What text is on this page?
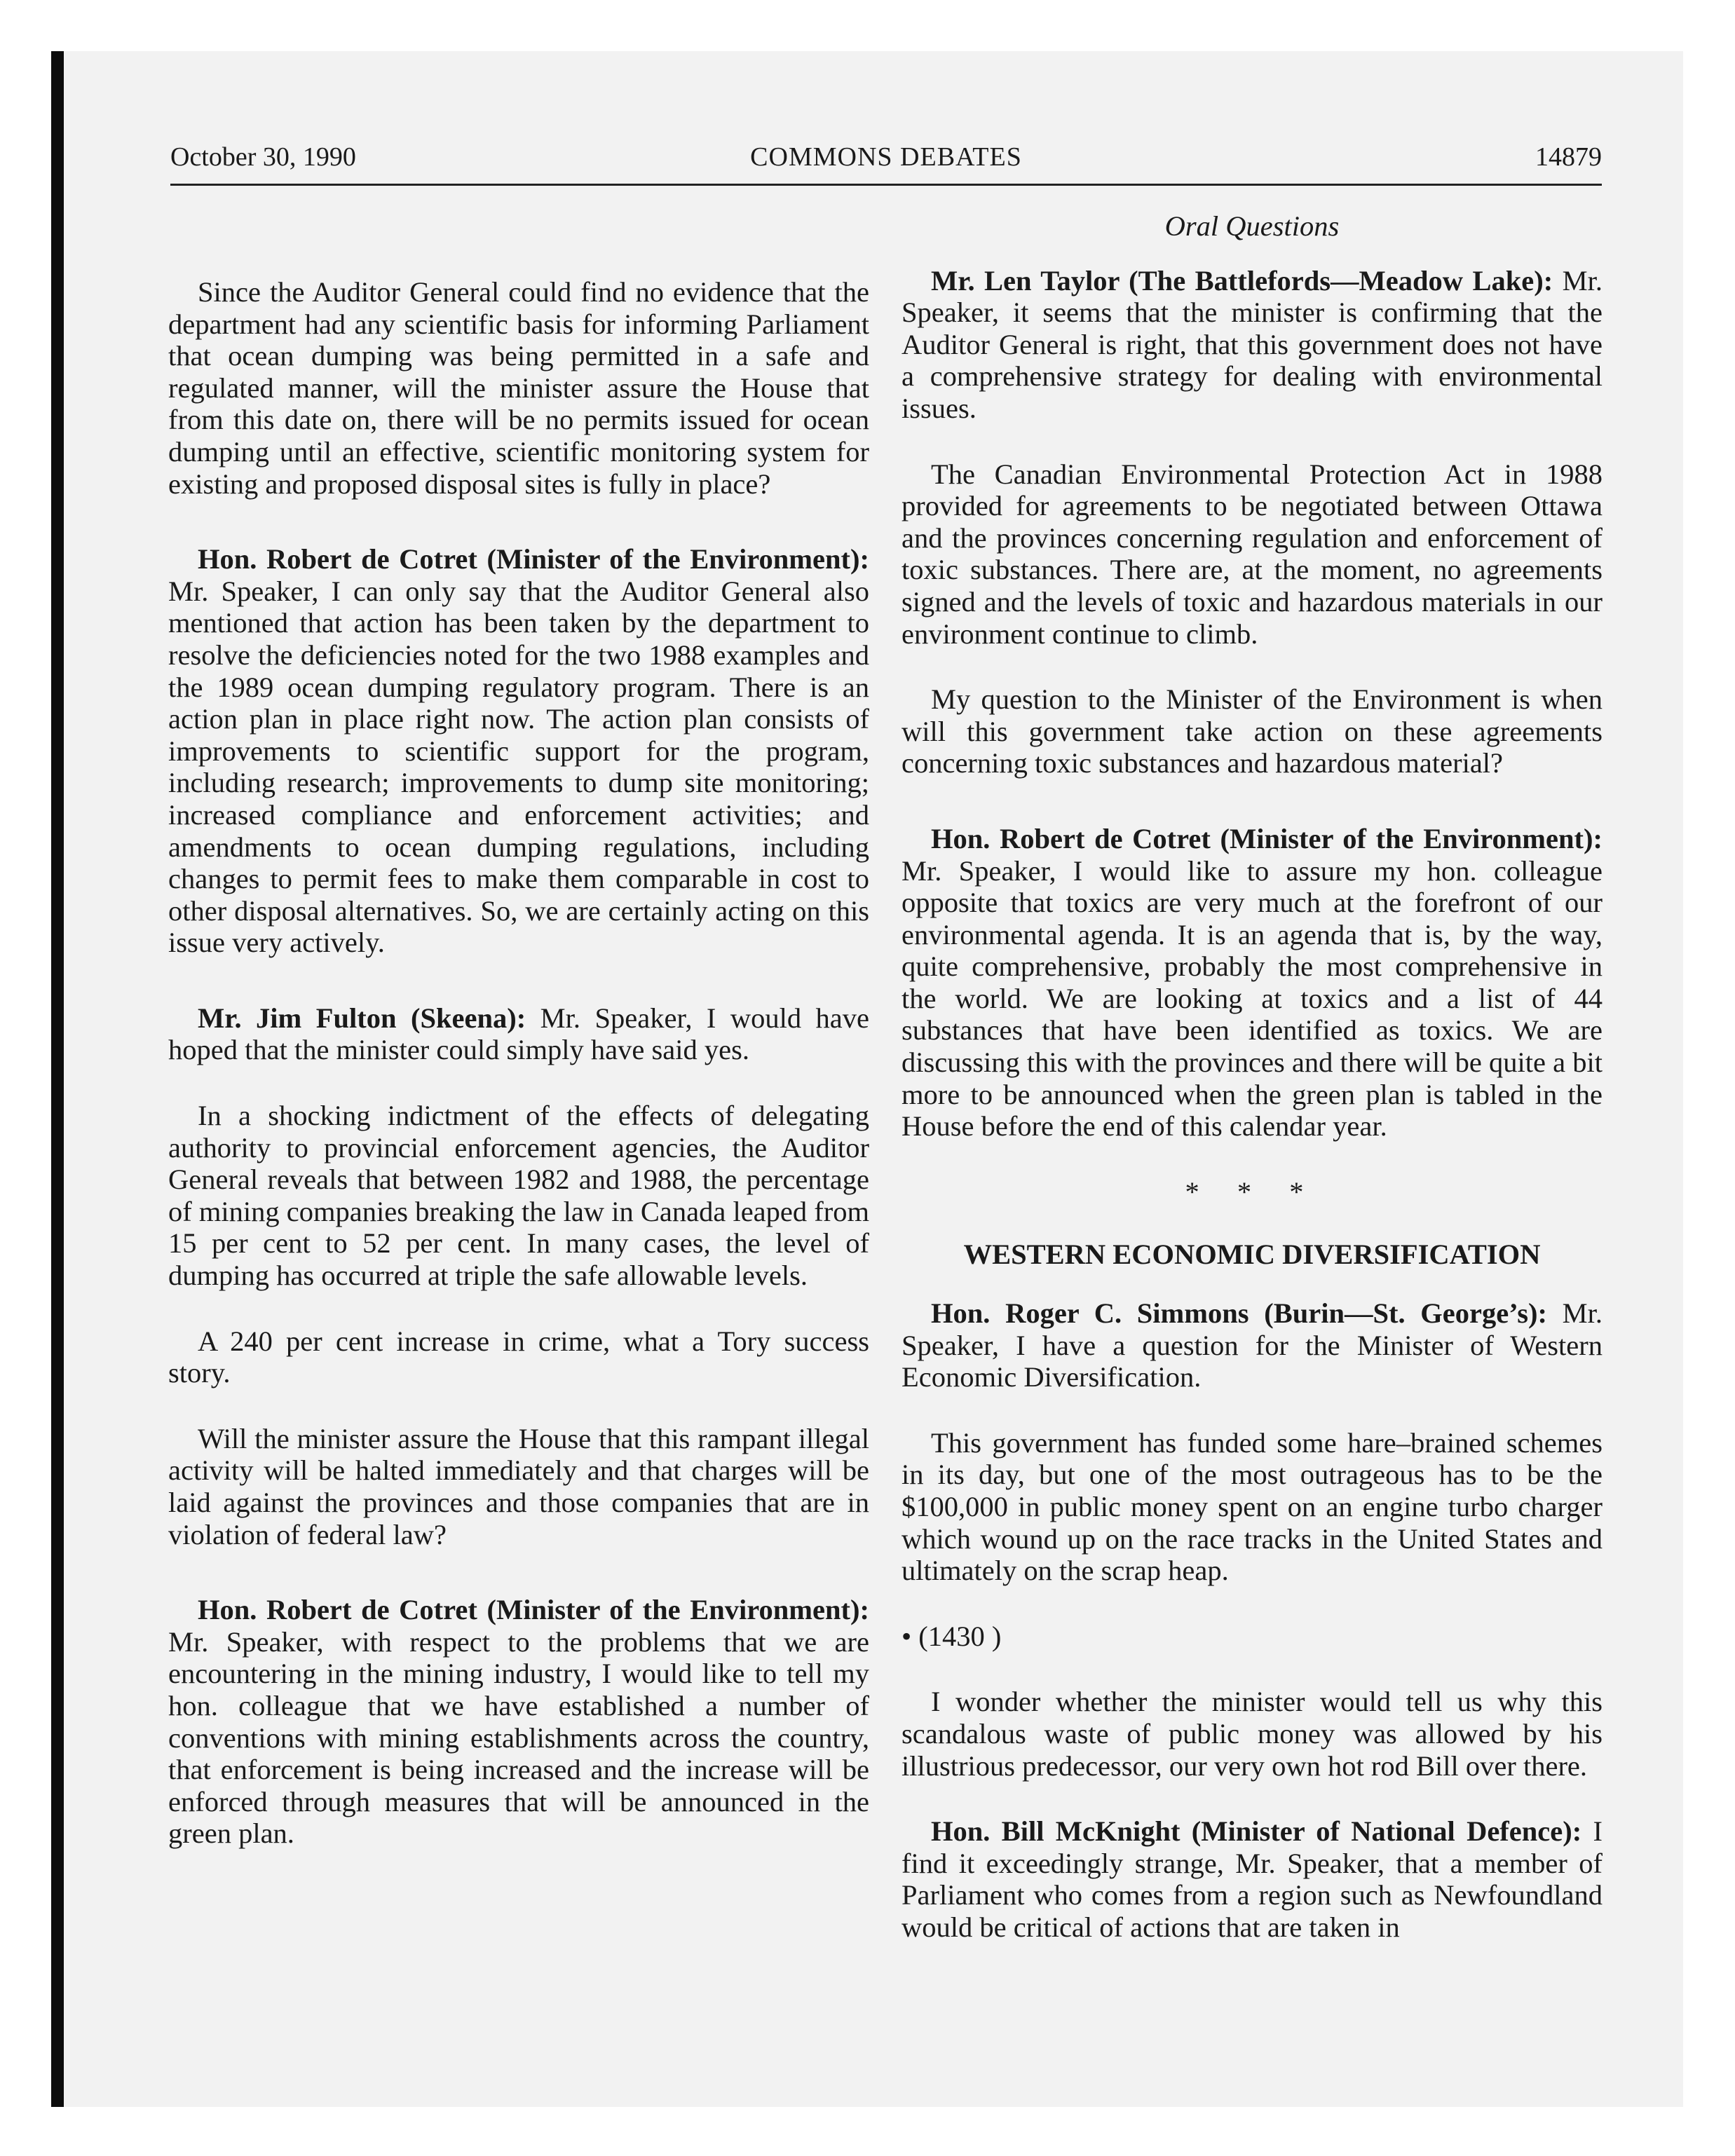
October 30, 1990	COMMONS DEBATES	14879

Since the Auditor General could find no evidence that the department had any scientific basis for informing Parliament that ocean dumping was being permitted in a safe and regulated manner, will the minister assure the House that from this date on, there will be no permits issued for ocean dumping until an effective, scientific monitoring system for existing and proposed disposal sites is fully in place?

Hon. Robert de Cotret (Minister of the Environment): Mr. Speaker, I can only say that the Auditor General also mentioned that action has been taken by the department to resolve the deficiencies noted for the two 1988 examples and the 1989 ocean dumping regulatory program. There is an action plan in place right now. The action plan consists of improvements to scientific support for the program, including research; improvements to dump site monitoring; increased compliance and enforcement activities; and amendments to ocean dumping regulations, including changes to permit fees to make them comparable in cost to other disposal alternatives. So, we are certainly acting on this issue very actively.

Mr. Jim Fulton (Skeena): Mr. Speaker, I would have hoped that the minister could simply have said yes.

In a shocking indictment of the effects of delegating authority to provincial enforcement agencies, the Auditor General reveals that between 1982 and 1988, the percentage of mining companies breaking the law in Canada leaped from 15 per cent to 52 per cent. In many cases, the level of dumping has occurred at triple the safe allowable levels.

A 240 per cent increase in crime, what a Tory success story.

Will the minister assure the House that this rampant illegal activity will be halted immediately and that charges will be laid against the provinces and those companies that are in violation of federal law?

Hon. Robert de Cotret (Minister of the Environment): Mr. Speaker, with respect to the problems that we are encountering in the mining industry, I would like to tell my hon. colleague that we have established a number of conventions with mining establishments across the country, that enforcement is being increased and the increase will be enforced through measures that will be announced in the green plan.

Oral Questions

Mr. Len Taylor (The Battlefords—Meadow Lake): Mr. Speaker, it seems that the minister is confirming that the Auditor General is right, that this government does not have a comprehensive strategy for dealing with environmental issues.

The Canadian Environmental Protection Act in 1988 provided for agreements to be negotiated between Ottawa and the provinces concerning regulation and enforcement of toxic substances. There are, at the moment, no agreements signed and the levels of toxic and hazardous materials in our environment continue to climb.

My question to the Minister of the Environment is when will this government take action on these agreements concerning toxic substances and hazardous material?

Hon. Robert de Cotret (Minister of the Environment): Mr. Speaker, I would like to assure my hon. colleague opposite that toxics are very much at the forefront of our environmental agenda. It is an agenda that is, by the way, quite comprehensive, probably the most comprehensive in the world. We are looking at toxics and a list of 44 substances that have been identified as toxics. We are discussing this with the provinces and there will be quite a bit more to be announced when the green plan is tabled in the House before the end of this calendar year.

* * *
WESTERN ECONOMIC DIVERSIFICATION

Hon. Roger C. Simmons (Burin—St. George’s): Mr. Speaker, I have a question for the Minister of Western Economic Diversification.

This government has funded some hare–brained schemes in its day, but one of the most outrageous has to be the $100,000 in public money spent on an engine turbo charger which wound up on the race tracks in the United States and ultimately on the scrap heap.

• (1430 )

I wonder whether the minister would tell us why this scandalous waste of public money was allowed by his illustrious predecessor, our very own hot rod Bill over there.

Hon. Bill McKnight (Minister of National Defence): I find it exceedingly strange, Mr. Speaker, that a member of Parliament who comes from a region such as Newfoundland would be critical of actions that are taken in
